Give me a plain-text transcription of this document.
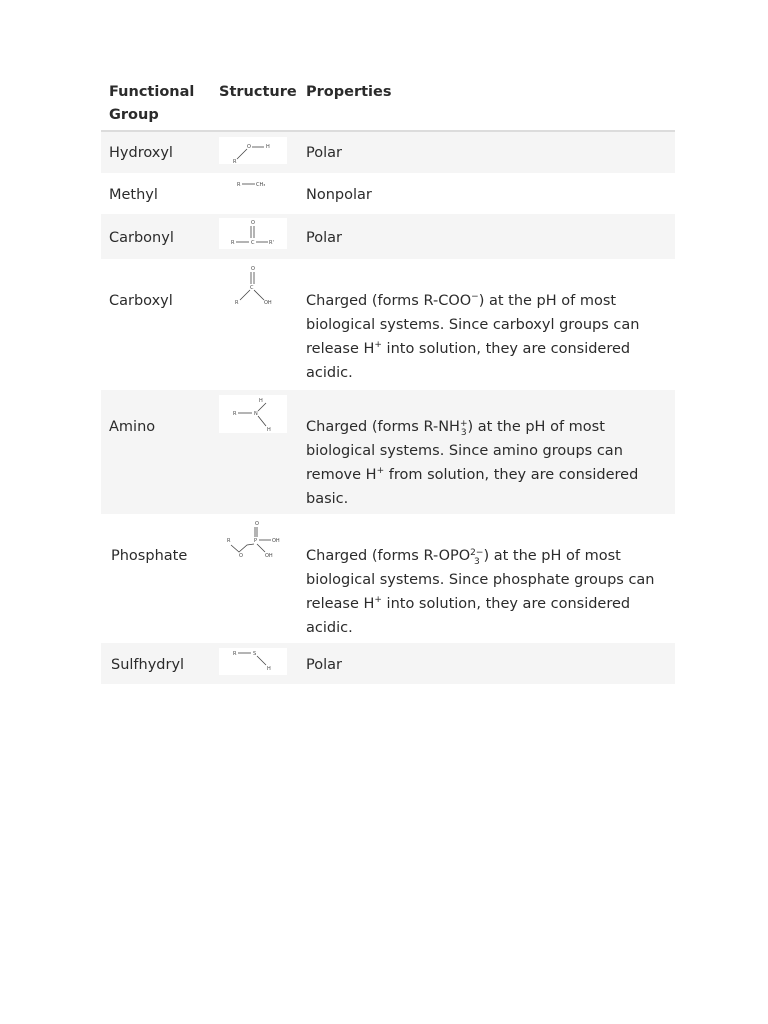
Functional Group
Structure Properties
O	H
R
Hydroxyl	Polar
R	CH₃
Methyl	Nonpolar
O
R	C	R'
Carbonyl	Polar
O
C
R	OH
Carboxyl	Charged (forms R-COO−) at the pH of most biological systems. Since carboxyl groups can release H+ into solution, they are considered acidic.
H
R	N
H
Amino	Charged (forms R-NH +
3 ) at the pH of most biological systems. Since amino groups can remove H+ from solution, they are considered basic.
O
R	P	OH
O	OH
Phosphate	Charged (forms R-OPO 2−
3 ) at the pH of most biological systems. Since phosphate groups can release H+ into solution, they are considered acidic.
R	S
H
Sulfhydryl	Polar
